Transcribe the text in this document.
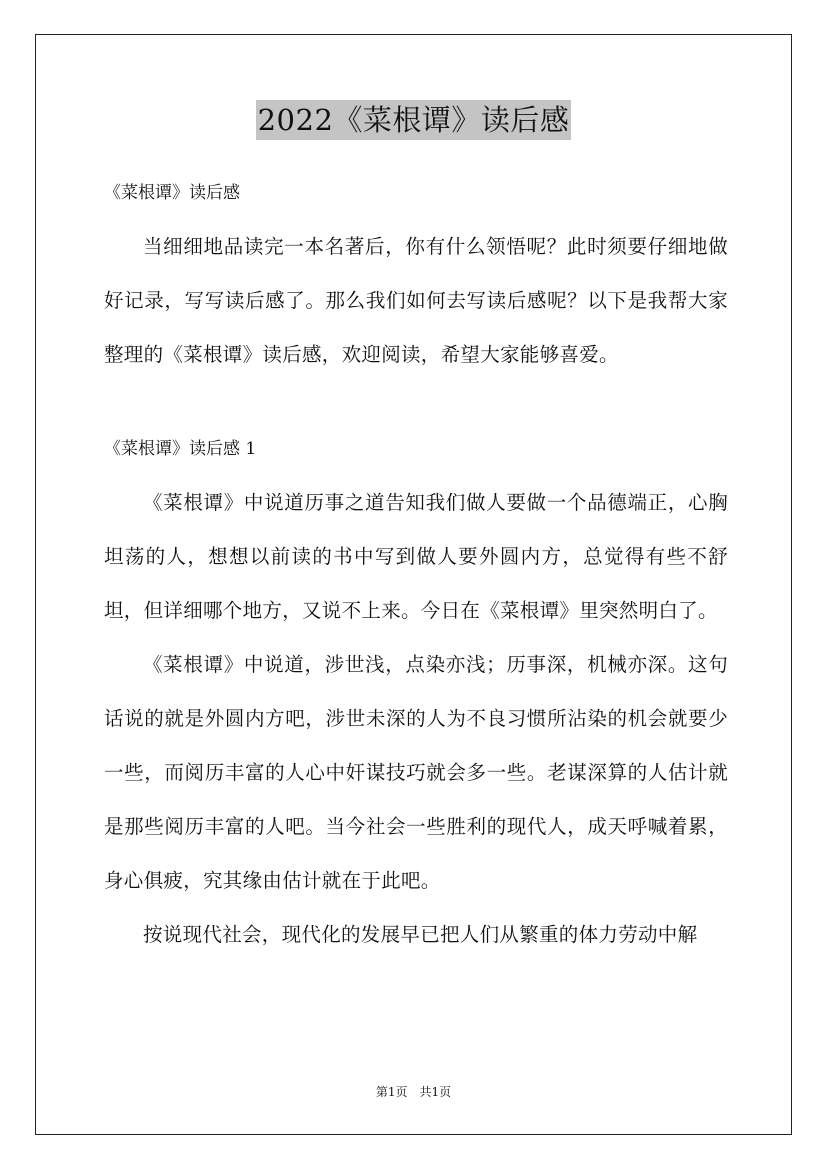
2022《菜根谭》读后感

《菜根谭》读后感

当细细地品读完一本名著后，你有什么领悟呢？此时须要仔细地做好记录，写写读后感了。那么我们如何去写读后感呢？以下是我帮大家整理的《菜根谭》读后感，欢迎阅读，希望大家能够喜爱。

《菜根谭》读后感 1

《菜根谭》中说道历事之道告知我们做人要做一个品德端正，心胸坦荡的人，想想以前读的书中写到做人要外圆内方，总觉得有些不舒坦，但详细哪个地方，又说不上来。今日在《菜根谭》里突然明白了。

《菜根谭》中说道，涉世浅，点染亦浅；历事深，机械亦深。这句话说的就是外圆内方吧，涉世未深的人为不良习惯所沾染的机会就要少一些，而阅历丰富的人心中奸谋技巧就会多一些。老谋深算的人估计就是那些阅历丰富的人吧。当今社会一些胜利的现代人，成天呼喊着累，身心俱疲，究其缘由估计就在于此吧。

按说现代社会，现代化的发展早已把人们从繁重的体力劳动中解

第1页　共1页
